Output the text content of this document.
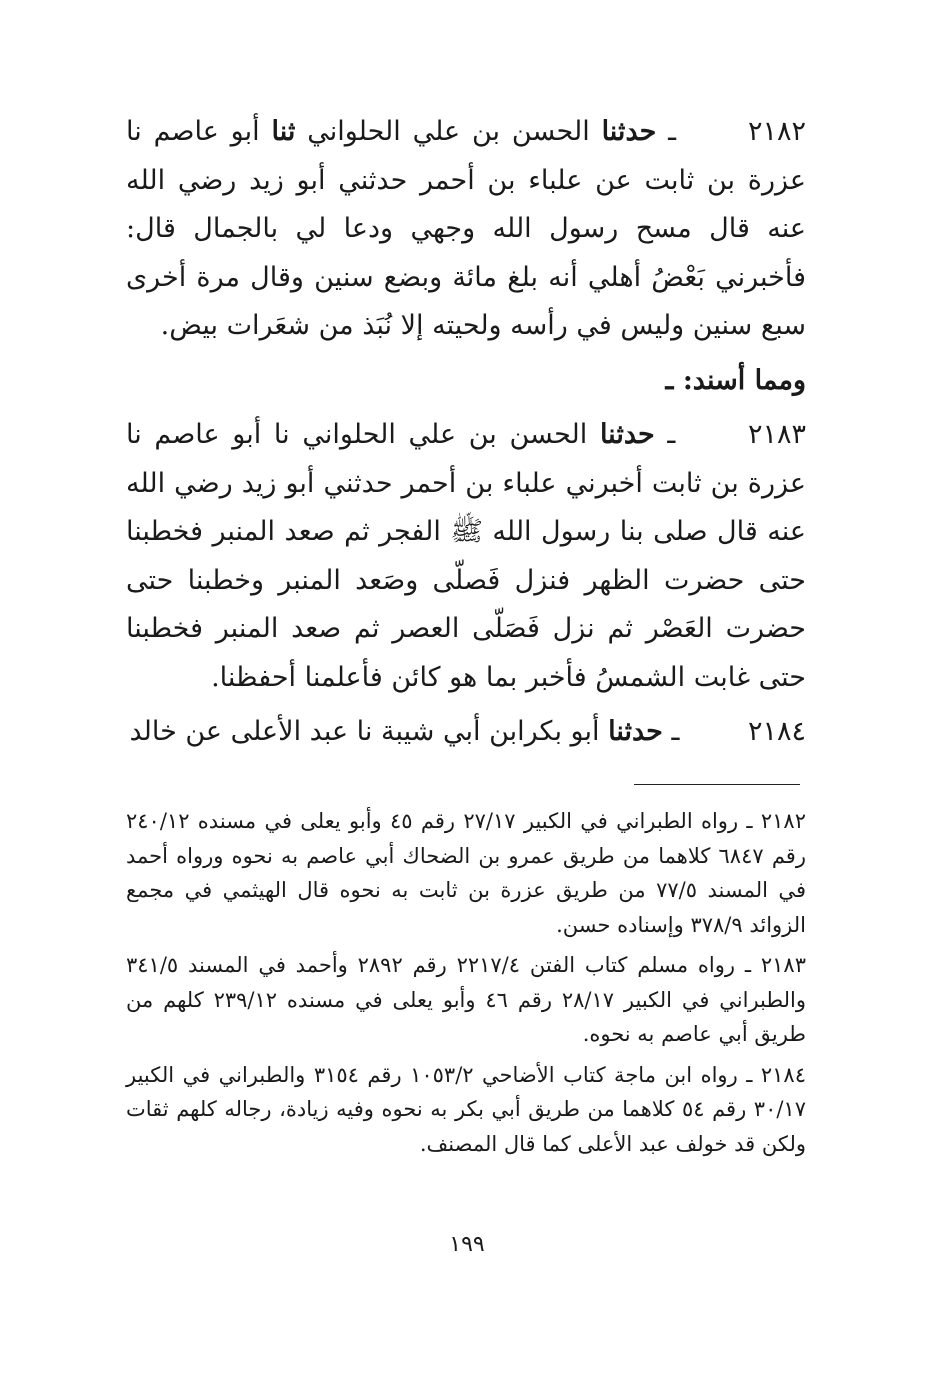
٢١٨٢ ـ حدثنا الحسن بن علي الحلواني ثنا أبو عاصم نا عزرة بن ثابت عن علباء بن أحمر حدثني أبو زيد رضي الله عنه قال مسح رسول الله وجهي ودعا لي بالجمال قال: فأخبرني بَعْضُ أهلي أنه بلغ مائة وبضع سنين وقال مرة أخرى سبع سنين وليس في رأسه ولحيته إلا نُبَذ من شعَرات بيض.

ومما أسند: ـ

٢١٨٣ ـ حدثنا الحسن بن علي الحلواني نا أبو عاصم نا عزرة بن ثابت أخبرني علباء بن أحمر حدثني أبو زيد رضي الله عنه قال صلى بنا رسول الله ﷺ الفجر ثم صعد المنبر فخطبنا حتى حضرت الظهر فنزل فَصلّى وصَعد المنبر وخطبنا حتى حضرت العَصْر ثم نزل فَصَلّى العصر ثم صعد المنبر فخطبنا حتى غابت الشمسُ فأخبر بما هو كائن فأعلمنا أحفظنا.

٢١٨٤ ـ حدثنا أبو بكرابن أبي شيبة نا عبد الأعلى عن خالد

٢١٨٢ ـ رواه الطبراني في الكبير ٢٧/١٧ رقم ٤٥ وأبو يعلى في مسنده ٢٤٠/١٢ رقم ٦٨٤٧ كلاهما من طريق عمرو بن الضحاك أبي عاصم به نحوه ورواه أحمد في المسند ٧٧/٥ من طريق عزرة بن ثابت به نحوه قال الهيثمي في مجمع الزوائد ٣٧٨/٩ وإسناده حسن.

٢١٨٣ ـ رواه مسلم كتاب الفتن ٢٢١٧/٤ رقم ٢٨٩٢ وأحمد في المسند ٣٤١/٥ والطبراني في الكبير ٢٨/١٧ رقم ٤٦ وأبو يعلى في مسنده ٢٣٩/١٢ كلهم من طريق أبي عاصم به نحوه.

٢١٨٤ ـ رواه ابن ماجة كتاب الأضاحي ١٠٥٣/٢ رقم ٣١٥٤ والطبراني في الكبير ٣٠/١٧ رقم ٥٤ كلاهما من طريق أبي بكر به نحوه وفيه زيادة، رجاله كلهم ثقات ولكن قد خولف عبد الأعلى كما قال المصنف.

١٩٩
